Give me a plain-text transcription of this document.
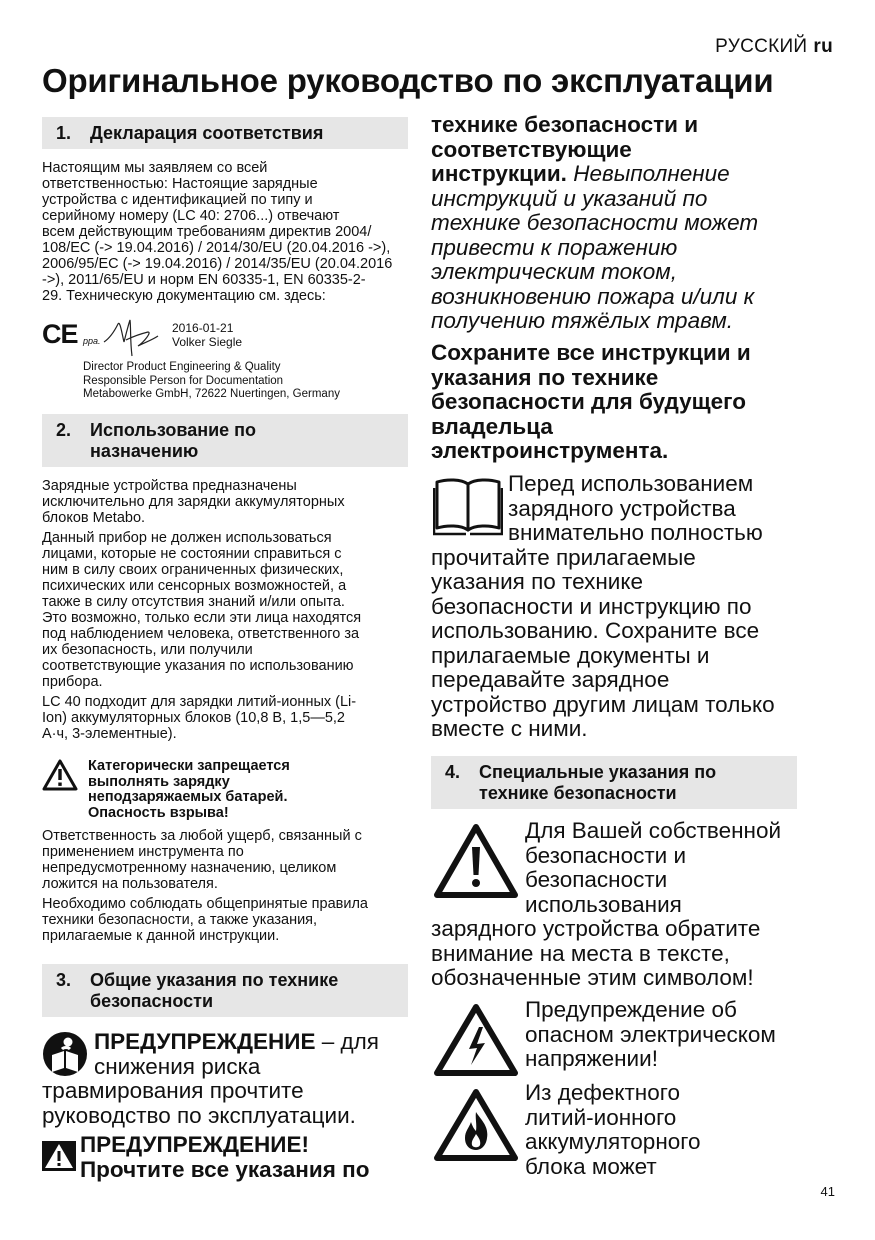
РУССКИЙ ru
Оригинальное руководство по эксплуатации
1.	Декларация соответствия
Настоящим мы заявляем со всей
ответственностью: Настоящие зарядные
устройства с идентификацией по типу и
серийному номеру (LC 40: 2706...) отвечают
всем действующим требованиям директив 2004/
108/EC (-> 19.04.2016) / 2014/30/EU (20.04.2016 ->),
2006/95/EC (-> 19.04.2016) / 2014/35/EU (20.04.2016
->), 2011/65/EU и норм EN 60335-1, EN 60335-2-
29. Техническую документацию см. здесь:
CE ppa.
2016-01-21
Volker Siegle
Director Product Engineering & Quality
Responsible Person for Documentation
Metabowerke GmbH, 72622 Nuertingen, Germany
2.	Использование по
назначению
Зарядные устройства предназначены
исключительно для зарядки аккумуляторных
блоков Metabo.
Данный прибор не должен использоваться
лицами, которые не состоянии справиться с
ним в силу своих ограниченных физических,
психических или сенсорных возможностей, а
также в силу отсутствия знаний и/или опыта.
Это возможно, только если эти лица находятся
под наблюдением человека, ответственного за
их безопасность, или получили
соответствующие указания по использованию
прибора.
LC 40 подходит для зарядки литий-ионных (Li-
Ion) аккумуляторных блоков (10,8 В, 1,5—5,2
А·ч, 3-элементные).
Категорически запрещается
выполнять зарядку
неподзаряжаемых батарей.
Опасность взрыва!
Ответственность за любой ущерб, связанный с
применением инструмента по
непредусмотренному назначению, целиком
ложится на пользователя.
Необходимо соблюдать общепринятые правила
техники безопасности, а также указания,
прилагаемые к данной инструкции.
3.	Общие указания по технике
безопасности
ПРЕДУПРЕЖДЕНИЕ – для
снижения риска
травмирования прочтите
руководство по эксплуатации.
ПРЕДУПРЕЖДЕНИЕ!
Прочтите все указания по
технике безопасности и
соответствующие
инструкции. Невыполнение
инструкций и указаний по
технике безопасности может
привести к поражению
электрическим током,
возникновению пожара и/или к
получению тяжёлых травм.
Сохраните все инструкции и
указания по технике
безопасности для будущего
владельца
электроинструмента.
Перед использованием
зарядного устройства
внимательно полностью
прочитайте прилагаемые
указания по технике
безопасности и инструкцию по
использованию. Сохраните все
прилагаемые документы и
передавайте зарядное
устройство другим лицам только
вместе с ними.
4.	Специальные указания по
технике безопасности
Для Вашей собственной
безопасности и
безопасности
использования
зарядного устройства обратите
внимание на места в тексте,
обозначенные этим символом!
Предупреждение об
опасном электрическом
напряжении!
Из дефектного
литий-ионного
аккумуляторного
блока может
41
